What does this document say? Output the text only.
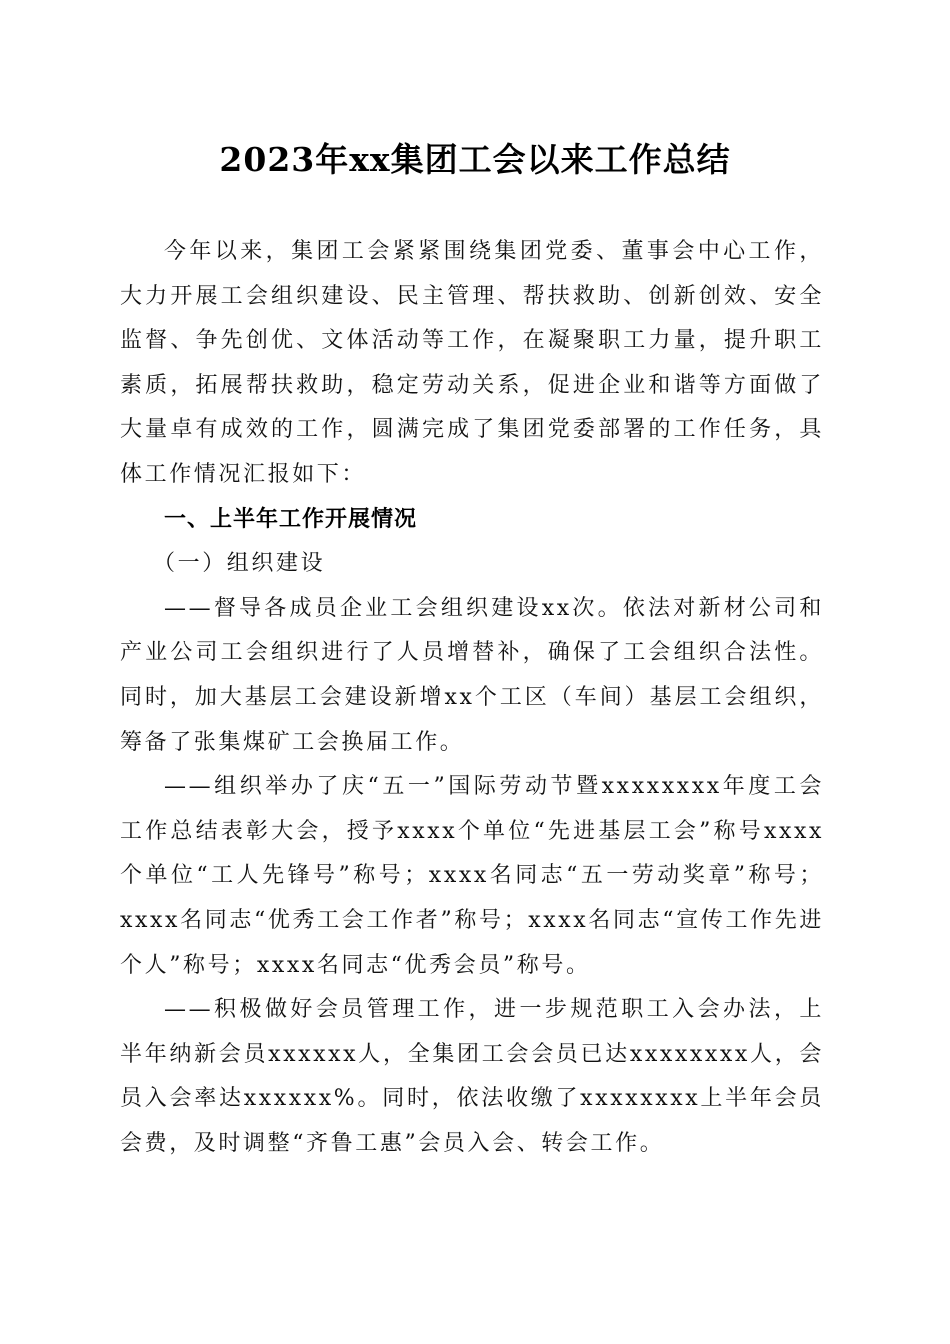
2023年xx集团工会以来工作总结

今年以来，集团工会紧紧围绕集团党委、董事会中心工作，大力开展工会组织建设、民主管理、帮扶救助、创新创效、安全监督、争先创优、文体活动等工作，在凝聚职工力量，提升职工素质，拓展帮扶救助，稳定劳动关系，促进企业和谐等方面做了大量卓有成效的工作，圆满完成了集团党委部署的工作任务，具体工作情况汇报如下：

一、上半年工作开展情况

（一）组织建设

——督导各成员企业工会组织建设xx次。依法对新材公司和产业公司工会组织进行了人员增替补，确保了工会组织合法性。同时，加大基层工会建设新增xx个工区（车间）基层工会组织，筹备了张集煤矿工会换届工作。

——组织举办了庆“五一”国际劳动节暨xxxxxxxx年度工会工作总结表彰大会，授予xxxx个单位“先进基层工会”称号xxxx个单位“工人先锋号”称号；xxxx名同志“五一劳动奖章”称号；xxxx名同志“优秀工会工作者”称号；xxxx名同志“宣传工作先进个人”称号；xxxx名同志“优秀会员”称号。

——积极做好会员管理工作，进一步规范职工入会办法，上半年纳新会员xxxxxx人，全集团工会会员已达xxxxxxxx人，会员入会率达xxxxxx%。同时，依法收缴了xxxxxxxx上半年会员会费，及时调整“齐鲁工惠”会员入会、转会工作。
